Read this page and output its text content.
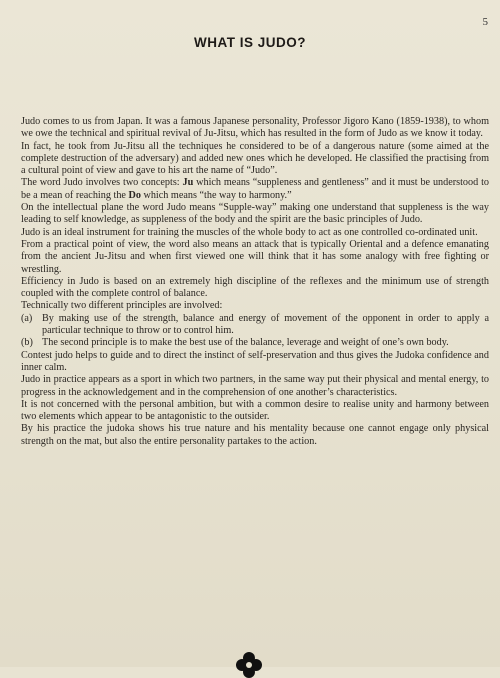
5
WHAT IS JUDO?

Judo comes to us from Japan. It was a famous Japanese personality, Professor Jigoro Kano (1859-1938), to whom we owe the technical and spiritual revival of Ju-Jitsu, which has resulted in the form of Judo as we know it today.

In fact, he took from Ju-Jitsu all the techniques he considered to be of a dangerous nature (some aimed at the complete destruction of the adversary) and added new ones which he developed. He classified the practising from a cultural point of view and gave to his art the name of “Judo”.

The word Judo involves two concepts: Ju which means “suppleness and gentleness” and it must be understood to be a mean of reaching the Do which means “the way to harmony.”

On the intellectual plane the word Judo means “Supple-way” making one understand that suppleness is the way leading to self knowledge, as suppleness of the body and the spirit are the basic principles of Judo.

Judo is an ideal instrument for training the muscles of the whole body to act as one controlled co-ordinated unit.

From a practical point of view, the word also means an attack that is typically Oriental and a defence emanating from the ancient Ju-Jitsu and when first viewed one will think that it has some analogy with free fighting or wrestling.

Efficiency in Judo is based on an extremely high discipline of the reflexes and the minimum use of strength coupled with the complete control of balance.

Technically two different principles are involved:

(a) By making use of the strength, balance and energy of movement of the opponent in order to apply a particular technique to throw or to control him.

(b) The second principle is to make the best use of the balance, leverage and weight of one’s own body.

Contest judo helps to guide and to direct the instinct of self-preservation and thus gives the Judoka confidence and inner calm.

Judo in practice appears as a sport in which two partners, in the same way put their physical and mental energy, to progress in the acknowledgement and in the comprehension of one another’s characteristics.

It is not concerned with the personal ambition, but with a common desire to realise unity and harmony between two elements which appear to be antagonistic to the outsider.

By his practice the judoka shows his true nature and his mentality because one cannot engage only physical strength on the mat, but also the entire personality partakes to the action.
